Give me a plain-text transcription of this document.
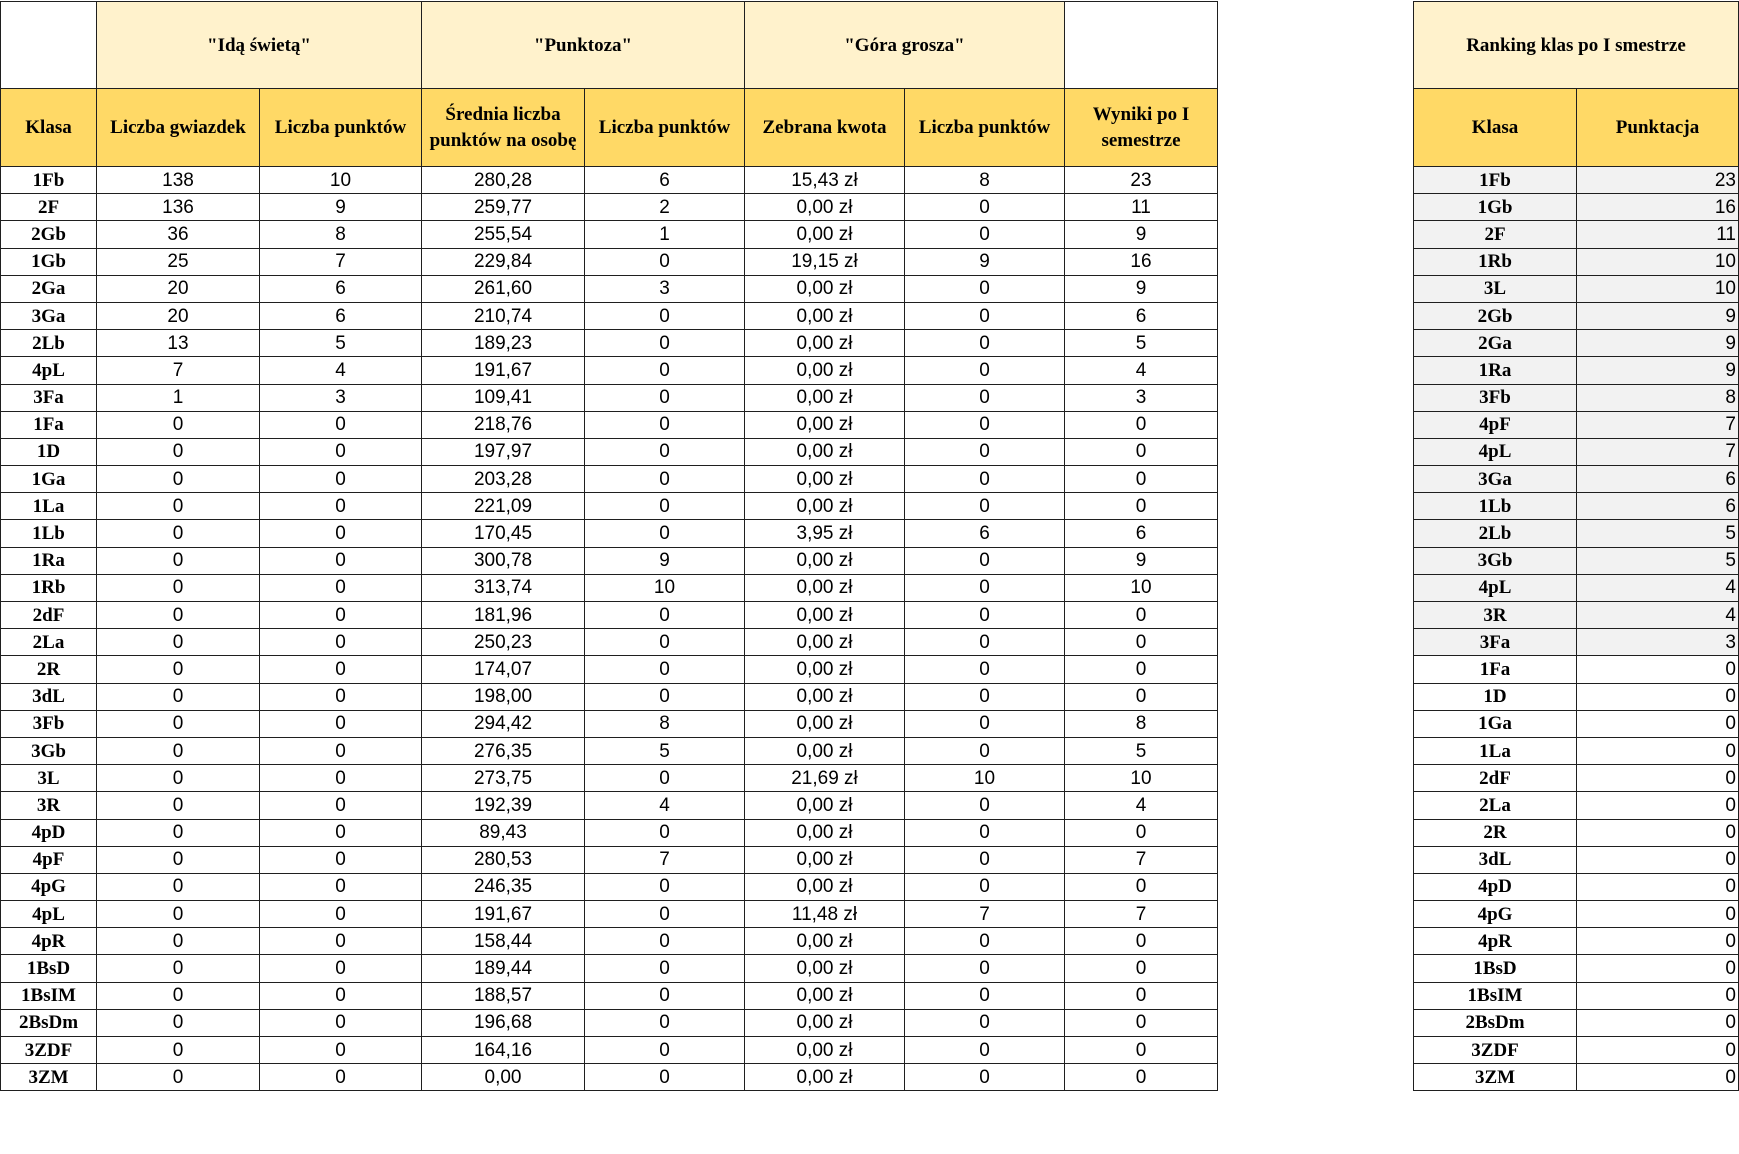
	"Idą świetą"		"Punktoza"		"Góra grosza"		
Klasa	Liczba gwiazdek	Liczba punktów	Średnia liczba punktów na osobę	Liczba punktów	Zebrana kwota	Liczba punktów	Wyniki po I semestrze
1Fb	138	10	280,28	6	15,43 zł	8	23
2F	136	9	259,77	2	0,00 zł	0	11
2Gb	36	8	255,54	1	0,00 zł	0	9
1Gb	25	7	229,84	0	19,15 zł	9	16
2Ga	20	6	261,60	3	0,00 zł	0	9
3Ga	20	6	210,74	0	0,00 zł	0	6
2Lb	13	5	189,23	0	0,00 zł	0	5
4pL	7	4	191,67	0	0,00 zł	0	4
3Fa	1	3	109,41	0	0,00 zł	0	3
1Fa	0	0	218,76	0	0,00 zł	0	0
1D	0	0	197,97	0	0,00 zł	0	0
1Ga	0	0	203,28	0	0,00 zł	0	0
1La	0	0	221,09	0	0,00 zł	0	0
1Lb	0	0	170,45	0	3,95 zł	6	6
1Ra	0	0	300,78	9	0,00 zł	0	9
1Rb	0	0	313,74	10	0,00 zł	0	10
2dF	0	0	181,96	0	0,00 zł	0	0
2La	0	0	250,23	0	0,00 zł	0	0
2R	0	0	174,07	0	0,00 zł	0	0
3dL	0	0	198,00	0	0,00 zł	0	0
3Fb	0	0	294,42	8	0,00 zł	0	8
3Gb	0	0	276,35	5	0,00 zł	0	5
3L	0	0	273,75	0	21,69 zł	10	10
3R	0	0	192,39	4	0,00 zł	0	4
4pD	0	0	89,43	0	0,00 zł	0	0
4pF	0	0	280,53	7	0,00 zł	0	7
4pG	0	0	246,35	0	0,00 zł	0	0
4pL	0	0	191,67	0	11,48 zł	7	7
4pR	0	0	158,44	0	0,00 zł	0	0
1BsD	0	0	189,44	0	0,00 zł	0	0
1BsIM	0	0	188,57	0	0,00 zł	0	0
2BsDm	0	0	196,68	0	0,00 zł	0	0
3ZDF	0	0	164,16	0	0,00 zł	0	0
3ZM	0	0	0,00	0	0,00 zł	0	0
Ranking klas po I smestrze	
Klasa	Punktacja
1Fb	23
1Gb	16
2F	11
1Rb	10
3L	10
2Gb	9
2Ga	9
1Ra	9
3Fb	8
4pF	7
4pL	7
3Ga	6
1Lb	6
2Lb	5
3Gb	5
4pL	4
3R	4
3Fa	3
1Fa	0
1D	0
1Ga	0
1La	0
2dF	0
2La	0
2R	0
3dL	0
4pD	0
4pG	0
4pR	0
1BsD	0
1BsIM	0
2BsDm	0
3ZDF	0
3ZM	0
